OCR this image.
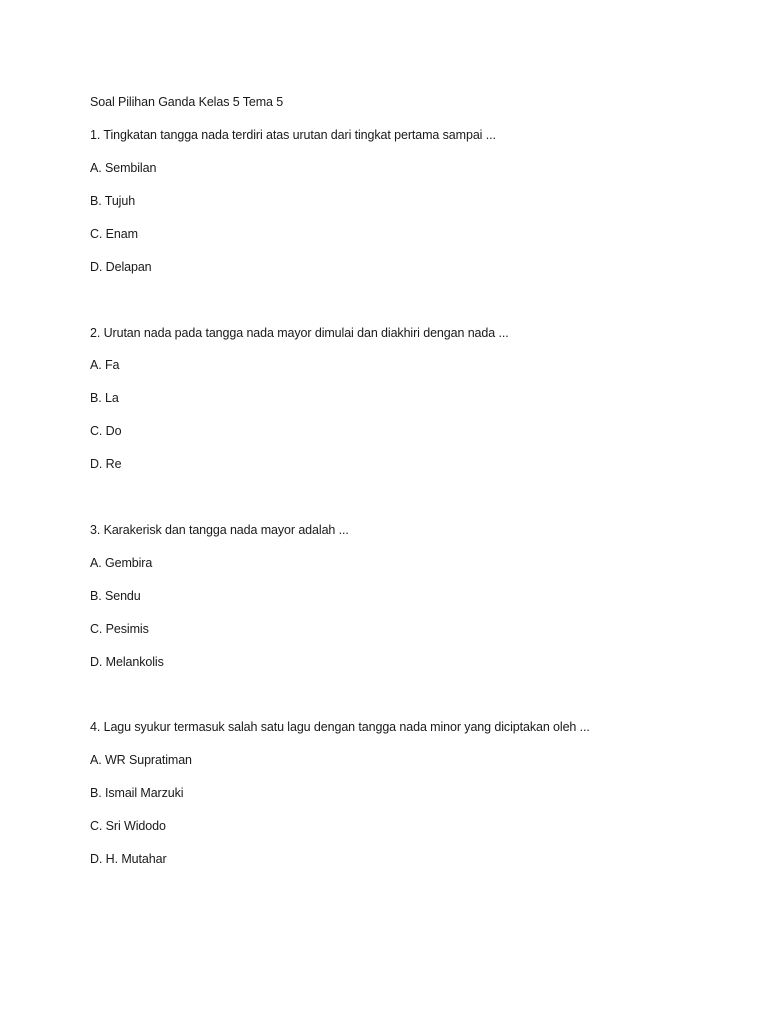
Soal Pilihan Ganda Kelas 5 Tema 5
1. Tingkatan tangga nada terdiri atas urutan dari tingkat pertama sampai ...
A. Sembilan
B. Tujuh
C. Enam
D. Delapan
2. Urutan nada pada tangga nada mayor dimulai dan diakhiri dengan nada ...
A. Fa
B. La
C. Do
D. Re
3. Karakerisk dan tangga nada mayor adalah ...
A. Gembira
B. Sendu
C. Pesimis
D. Melankolis
4. Lagu syukur termasuk salah satu lagu dengan tangga nada minor yang diciptakan oleh ...
A. WR Supratiman
B. Ismail Marzuki
C. Sri Widodo
D. H. Mutahar
